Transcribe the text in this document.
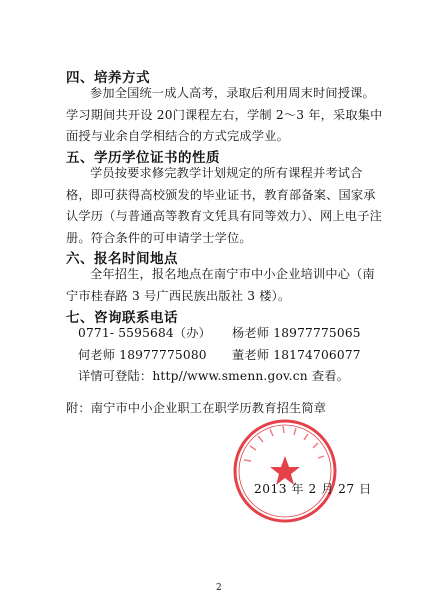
四、培养方式
参加全国统一成人高考，录取后利用周末时间授课。学习期间共开设 20门课程左右，学制 2～3 年，采取集中面授与业余自学相结合的方式完成学业。
五、学历学位证书的性质
学员按要求修完教学计划规定的所有课程并考试合格，即可获得高校颁发的毕业证书，教育部备案、国家承认学历（与普通高等教育文凭具有同等效力）、网上电子注册。符合条件的可申请学士学位。
六、报名时间地点
全年招生，报名地点在南宁市中小企业培训中心（南宁市桂春路 3 号广西民族出版社 3 楼）。
七、咨询联系电话
0771- 5595684（办） 杨老师 18977775065
何老师 18977775080 董老师 18174706077
详情可登陆：http//www.smenn.gov.cn 查看。
附：南宁市中小企业职工在职学历教育招生简章
2013 年 2 月 27 日
2
